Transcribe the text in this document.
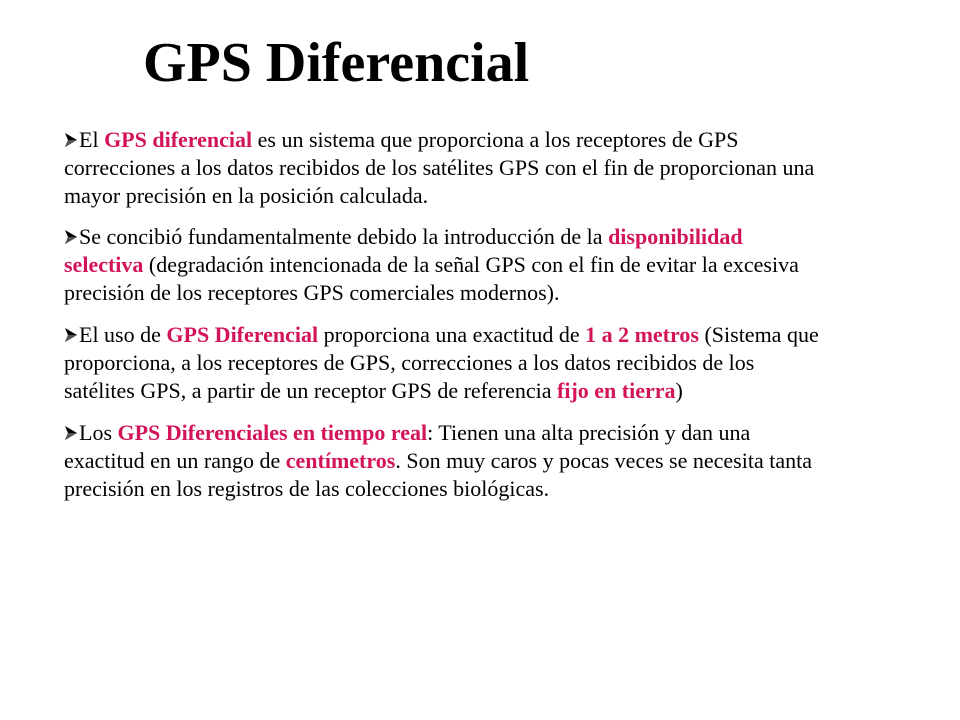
GPS Diferencial
El GPS diferencial es un sistema que proporciona a los receptores de GPS correcciones a los datos recibidos de los satélites GPS con el fin de proporcionan una mayor precisión en la posición calculada.
Se concibió fundamentalmente debido la introducción de la disponibilidad selectiva (degradación intencionada de la señal GPS con el fin de evitar la excesiva precisión de los receptores GPS comerciales modernos).
El uso de GPS Diferencial proporciona una exactitud de 1 a 2 metros (Sistema que proporciona, a los receptores de GPS, correcciones a los datos recibidos de los satélites GPS, a partir de un receptor GPS de referencia fijo en tierra)
Los GPS Diferenciales en tiempo real: Tienen una alta precisión y dan una exactitud en un rango de centímetros. Son muy caros y pocas veces se necesita tanta precisión en los registros de las colecciones biológicas.
